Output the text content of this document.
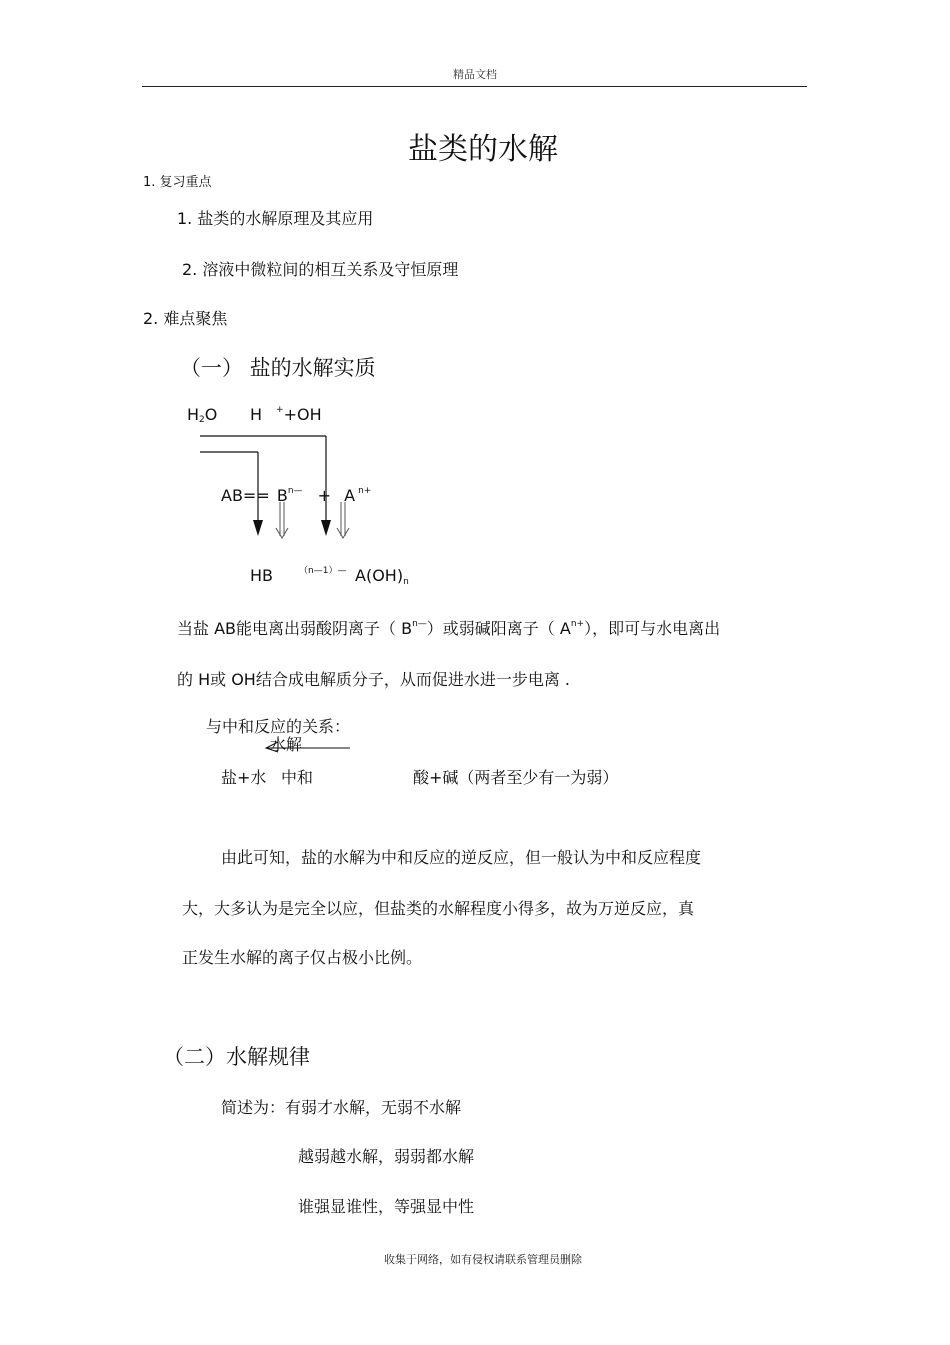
精品文档
盐类的水解
1. 复习重点
1. 盐类的水解原理及其应用
2. 溶液中微粒间的相互关系及守恒原理
2. 难点聚焦
（一） 盐的水解实质
$H_2O$ H ++OH
$AB== B^{n—} + A$ $^{n+}$
HB	$^{(n—1)—}$ $A(OH)_n$
当盐 AB能电离出弱酸阴离子（ $B^{n—}$）或弱碱阳离子（ $A^{n+}$），即可与水电离出
的 H或 OH结合成电解质分子，从而促进水进一步电离 .
与中和反应的关系：
水解
盐+水 中和	酸+碱（两者至少有一为弱）
由此可知，盐的水解为中和反应的逆反应，但一般认为中和反应程度
大，大多认为是完全以应，但盐类的水解程度小得多，故为万逆反应，真
正发生水解的离子仅占极小比例。
（二）水解规律
简述为：有弱才水解，无弱不水解
越弱越水解，弱弱都水解
谁强显谁性，等强显中性
收集于网络，如有侵权请联系管理员删除
